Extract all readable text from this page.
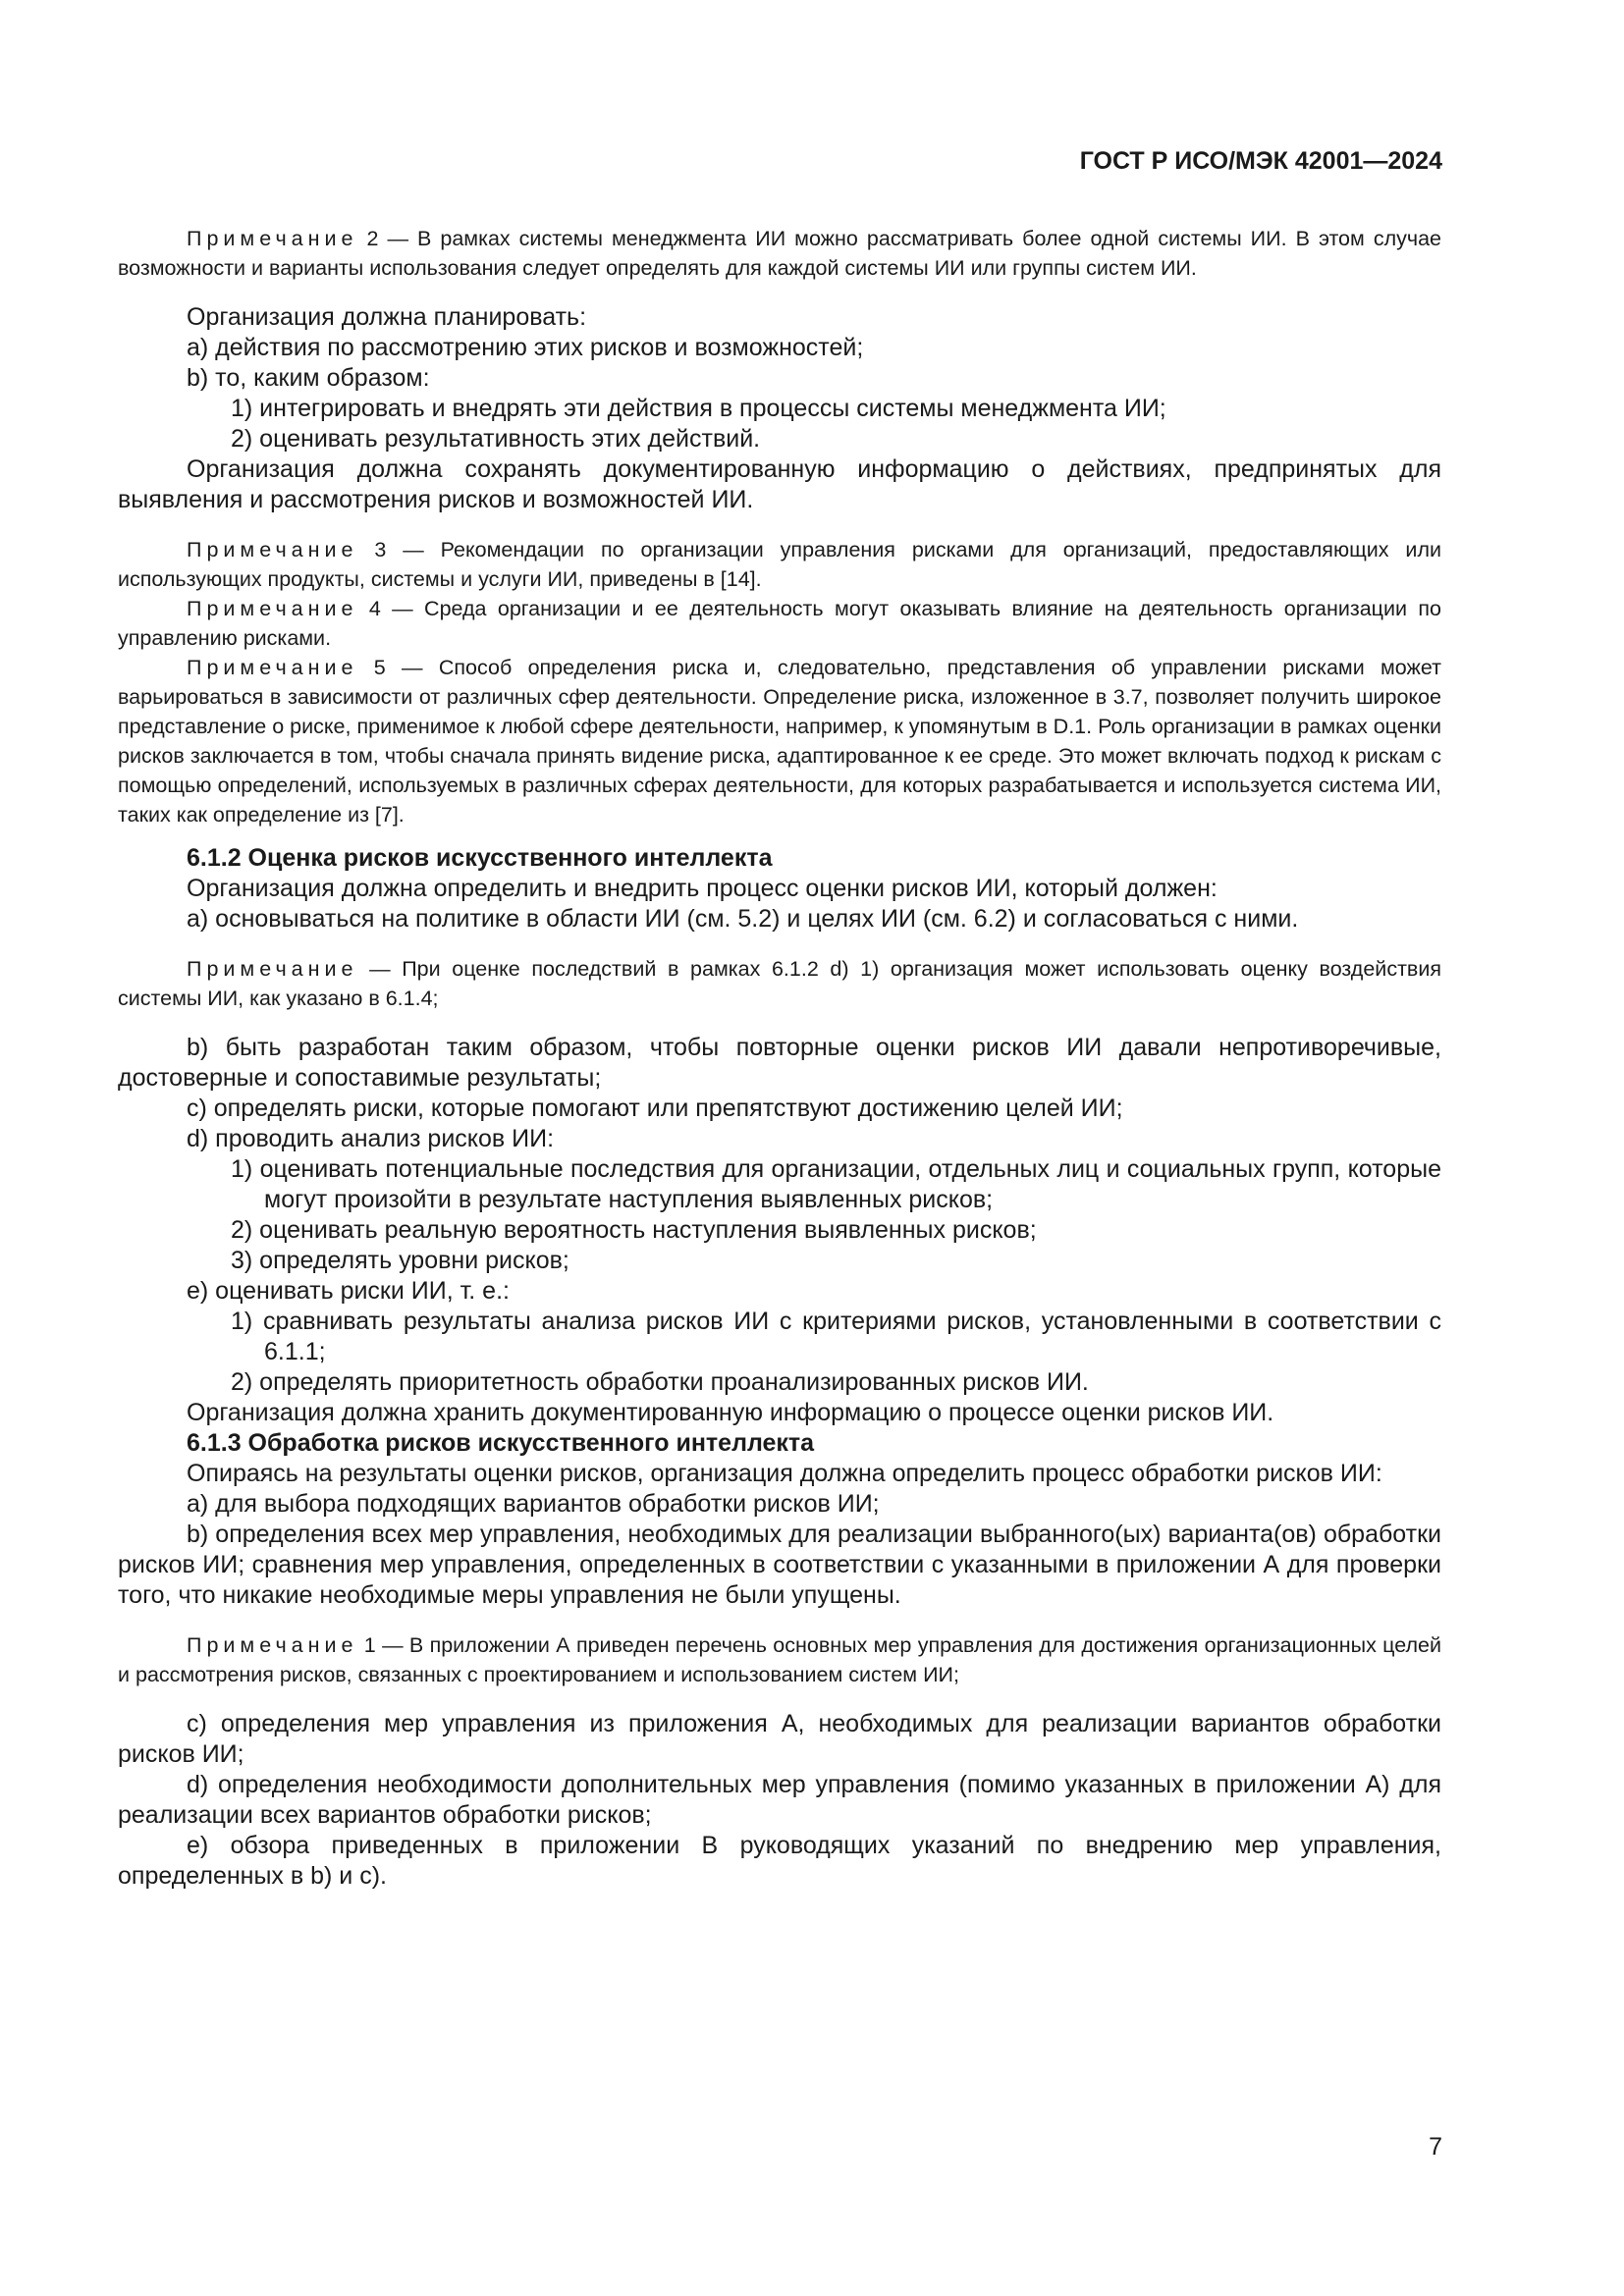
ГОСТ Р ИСО/МЭК 42001—2024

Примечание 2 — В рамках системы менеджмента ИИ можно рассматривать более одной системы ИИ. В этом случае возможности и варианты использования следует определять для каждой системы ИИ или группы систем ИИ.

Организация должна планировать:

a) действия по рассмотрению этих рисков и возможностей;

b) то, каким образом:

1) интегрировать и внедрять эти действия в процессы системы менеджмента ИИ;

2) оценивать результативность этих действий.

Организация должна сохранять документированную информацию о действиях, предпринятых для выявления и рассмотрения рисков и возможностей ИИ.

Примечание 3 — Рекомендации по организации управления рисками для организаций, предоставляющих или использующих продукты, системы и услуги ИИ, приведены в [14].

Примечание 4 — Среда организации и ее деятельность могут оказывать влияние на деятельность организации по управлению рисками.

Примечание 5 — Способ определения риска и, следовательно, представления об управлении рисками может варьироваться в зависимости от различных сфер деятельности. Определение риска, изложенное в 3.7, позволяет получить широкое представление о риске, применимое к любой сфере деятельности, например, к упомянутым в D.1. Роль организации в рамках оценки рисков заключается в том, чтобы сначала принять видение риска, адаптированное к ее среде. Это может включать подход к рискам с помощью определений, используемых в различных сферах деятельности, для которых разрабатывается и используется система ИИ, таких как определение из [7].

6.1.2 Оценка рисков искусственного интеллекта

Организация должна определить и внедрить процесс оценки рисков ИИ, который должен:

а) основываться на политике в области ИИ (см. 5.2) и целях ИИ (см. 6.2) и согласоваться с ними.

Примечание — При оценке последствий в рамках 6.1.2 d) 1) организация может использовать оценку воздействия системы ИИ, как указано в 6.1.4;

b) быть разработан таким образом, чтобы повторные оценки рисков ИИ давали непротиворечивые, достоверные и сопоставимые результаты;

c) определять риски, которые помогают или препятствуют достижению целей ИИ;

d) проводить анализ рисков ИИ:

1) оценивать потенциальные последствия для организации, отдельных лиц и социальных групп, которые могут произойти в результате наступления выявленных рисков;

2) оценивать реальную вероятность наступления выявленных рисков;

3) определять уровни рисков;

e) оценивать риски ИИ, т. е.:

1) сравнивать результаты анализа рисков ИИ с критериями рисков, установленными в соответствии с 6.1.1;

2) определять приоритетность обработки проанализированных рисков ИИ.

Организация должна хранить документированную информацию о процессе оценки рисков ИИ.

6.1.3 Обработка рисков искусственного интеллекта

Опираясь на результаты оценки рисков, организация должна определить процесс обработки рисков ИИ:

a) для выбора подходящих вариантов обработки рисков ИИ;

b) определения всех мер управления, необходимых для реализации выбранного(ых) варианта(ов) обработки рисков ИИ; сравнения мер управления, определенных в соответствии с указанными в приложении А для проверки того, что никакие необходимые меры управления не были упущены.

Примечание 1 — В приложении А приведен перечень основных мер управления для достижения организационных целей и рассмотрения рисков, связанных с проектированием и использованием систем ИИ;

c) определения мер управления из приложения А, необходимых для реализации вариантов обработки рисков ИИ;

d) определения необходимости дополнительных мер управления (помимо указанных в приложении А) для реализации всех вариантов обработки рисков;

e) обзора приведенных в приложении В руководящих указаний по внедрению мер управления, определенных в b) и c).

7
